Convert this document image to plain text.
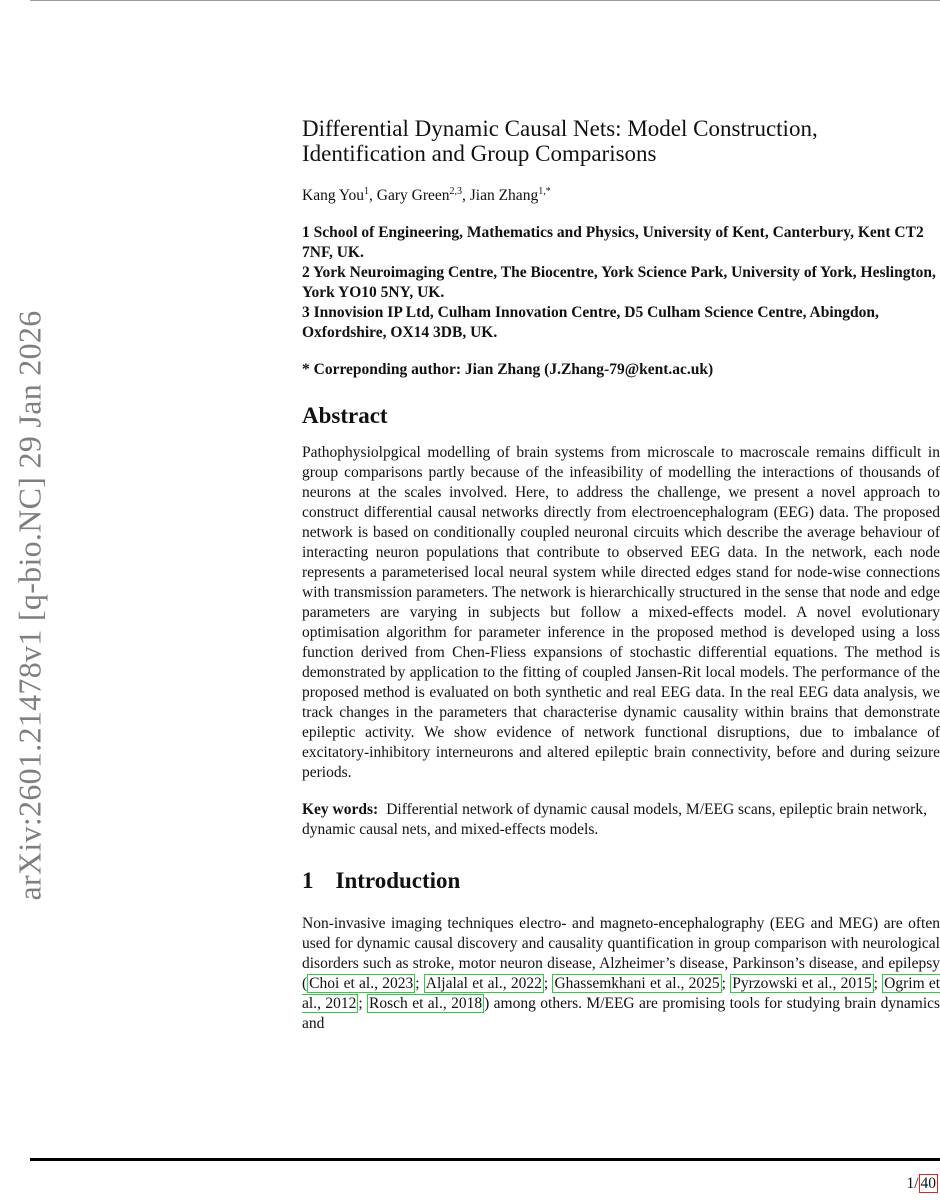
arXiv:2601.21478v1 [q-bio.NC] 29 Jan 2026
Differential Dynamic Causal Nets: Model Construction,
Identification and Group Comparisons

Kang You$^1$, Gary Green$^{2,3}$, Jian Zhang$^{1,*}$

1 School of Engineering, Mathematics and Physics, University of Kent, Canterbury, Kent CT2 7NF, UK.
2 York Neuroimaging Centre, The Biocentre, York Science Park, University of York, Heslington, York YO10 5NY, UK.
3 Innovision IP Ltd, Culham Innovation Centre, D5 Culham Science Centre, Abingdon, Oxfordshire, OX14 3DB, UK.

* Correponding author: Jian Zhang (J.Zhang-79@kent.ac.uk)

Abstract

Pathophysiolpgical modelling of brain systems from microscale to macroscale remains difficult in group comparisons partly because of the infeasibility of modelling the interactions of thousands of neurons at the scales involved. Here, to address the challenge, we present a novel approach to construct differential causal networks directly from electroencephalogram (EEG) data. The proposed network is based on conditionally coupled neuronal circuits which describe the average behaviour of interacting neuron populations that contribute to observed EEG data. In the network, each node represents a parameterised local neural system while directed edges stand for node-wise connections with transmission parameters. The network is hierarchically structured in the sense that node and edge parameters are varying in subjects but follow a mixed-effects model. A novel evolutionary optimisation algorithm for parameter inference in the proposed method is developed using a loss function derived from Chen-Fliess expansions of stochastic differential equations. The method is demonstrated by application to the fitting of coupled Jansen-Rit local models. The performance of the proposed method is evaluated on both synthetic and real EEG data. In the real EEG data analysis, we track changes in the parameters that characterise dynamic causality within brains that demonstrate epileptic activity. We show evidence of network functional disruptions, due to imbalance of excitatory-inhibitory interneurons and altered epileptic brain connectivity, before and during seizure periods.

Key words: Differential network of dynamic causal models, M/EEG scans, epileptic brain network, dynamic causal nets, and mixed-effects models.

1 Introduction

Non-invasive imaging techniques electro- and magneto-encephalography (EEG and MEG) are often used for dynamic causal discovery and causality quantification in group comparison with neurological disorders such as stroke, motor neuron disease, Alzheimer’s disease, Parkinson’s disease, and epilepsy ( Choi et al., 2023 ; Aljalal et al., 2022 ; Ghassemkhani et al., 2025 ; Pyrzowski et al., 2015 ; Ogrim et al., 2012 ; Rosch et al., 2018 ) among others. M/EEG are promising tools for studying brain dynamics and

1/ 40
